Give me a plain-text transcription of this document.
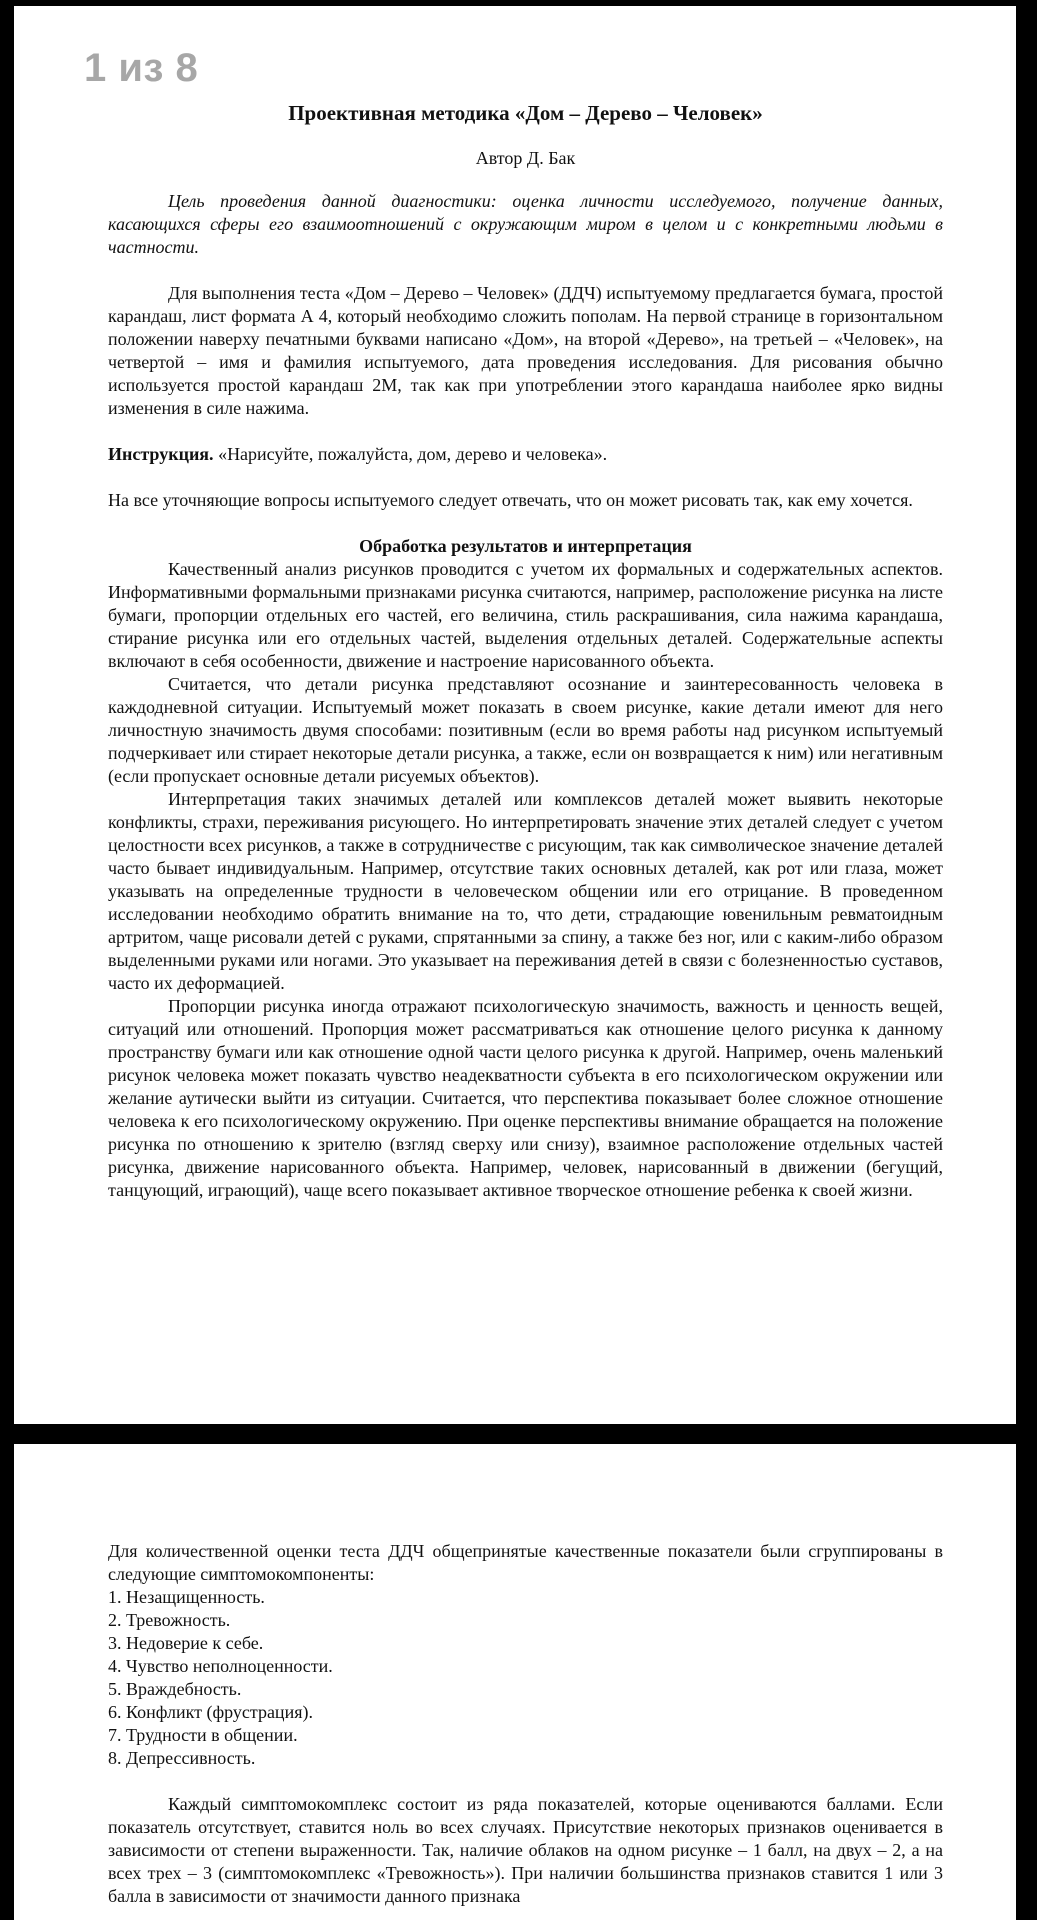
1 из 8

Проективная методика «Дом – Дерево – Человек»

Автор Д. Бак

Цель проведения данной диагностики: оценка личности исследуемого, получение данных, касающихся сферы его взаимоотношений с окружающим миром в целом и с конкретными людьми в частности.

Для выполнения теста «Дом – Дерево – Человек» (ДДЧ) испытуемому предлагается бумага, простой карандаш, лист формата А 4, который необходимо сложить пополам. На первой странице в горизонтальном положении наверху печатными буквами написано «Дом», на второй «Дерево», на третьей – «Человек», на четвертой – имя и фамилия испытуемого, дата проведения исследования. Для рисования обычно используется простой карандаш 2М, так как при употреблении этого карандаша наиболее ярко видны изменения в силе нажима.

Инструкция. «Нарисуйте, пожалуйста, дом, дерево и человека».

На все уточняющие вопросы испытуемого следует отвечать, что он может рисовать так, как ему хочется.

Обработка результатов и интерпретация

Качественный анализ рисунков проводится с учетом их формальных и содержательных аспектов. Информативными формальными признаками рисунка считаются, например, расположение рисунка на листе бумаги, пропорции отдельных его частей, его величина, стиль раскрашивания, сила нажима карандаша, стирание рисунка или его отдельных частей, выделения отдельных деталей. Содержательные аспекты включают в себя особенности, движение и настроение нарисованного объекта.

Считается, что детали рисунка представляют осознание и заинтересованность человека в каждодневной ситуации. Испытуемый может показать в своем рисунке, какие детали имеют для него личностную значимость двумя способами: позитивным (если во время работы над рисунком испытуемый подчеркивает или стирает некоторые детали рисунка, а также, если он возвращается к ним) или негативным (если пропускает основные детали рисуемых объектов).

Интерпретация таких значимых деталей или комплексов деталей может выявить некоторые конфликты, страхи, переживания рисующего. Но интерпретировать значение этих деталей следует с учетом целостности всех рисунков, а также в сотрудничестве с рисующим, так как символическое значение деталей часто бывает индивидуальным. Например, отсутствие таких основных деталей, как рот или глаза, может указывать на определенные трудности в человеческом общении или его отрицание. В проведенном исследовании необходимо обратить внимание на то, что дети, страдающие ювенильным ревматоидным артритом, чаще рисовали детей с руками, спрятанными за спину, а также без ног, или с каким-либо образом выделенными руками или ногами. Это указывает на переживания детей в связи с болезненностью суставов, часто их деформацией.

Пропорции рисунка иногда отражают психологическую значимость, важность и ценность вещей, ситуаций или отношений. Пропорция может рассматриваться как отношение целого рисунка к данному пространству бумаги или как отношение одной части целого рисунка к другой. Например, очень маленький рисунок человека может показать чувство неадекватности субъекта в его психологическом окружении или желание аутически выйти из ситуации. Считается, что перспектива показывает более сложное отношение человека к его психологическому окружению. При оценке перспективы внимание обращается на положение рисунка по отношению к зрителю (взгляд сверху или снизу), взаимное расположение отдельных частей рисунка, движение нарисованного объекта. Например, человек, нарисованный в движении (бегущий, танцующий, играющий), чаще всего показывает активное творческое отношение ребенка к своей жизни.

Для количественной оценки теста ДДЧ общепринятые качественные показатели были сгруппированы в следующие симптомокомпоненты:

1. Незащищенность.
2. Тревожность.
3. Недоверие к себе.
4. Чувство неполноценности.
5. Враждебность.
6. Конфликт (фрустрация).
7. Трудности в общении.
8. Депрессивность.

Каждый симптомокомплекс состоит из ряда показателей, которые оцениваются баллами. Если показатель отсутствует, ставится ноль во всех случаях. Присутствие некоторых признаков оценивается в зависимости от степени выраженности. Так, наличие облаков на одном рисунке – 1 балл, на двух – 2, а на всех трех – 3 (симптомокомплекс «Тревожность»). При наличии большинства признаков ставится 1 или 3 балла в зависимости от значимости данного признака
